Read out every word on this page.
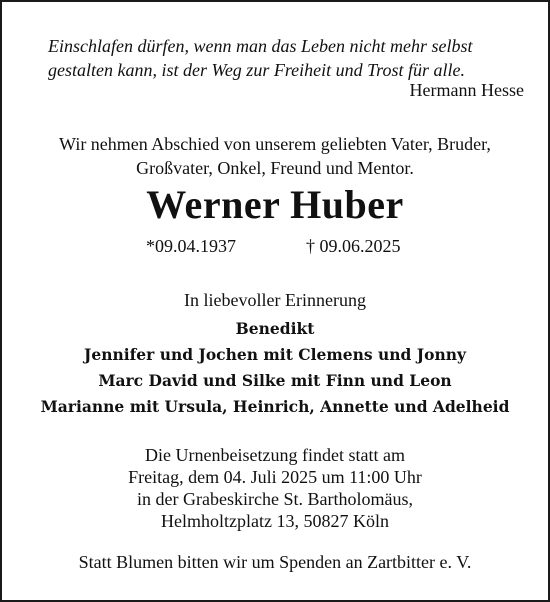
Einschlafen dürfen, wenn man das Leben nicht mehr selbst
gestalten kann, ist der Weg zur Freiheit und Trost für alle.
Hermann Hesse
Wir nehmen Abschied von unserem geliebten Vater, Bruder,
Großvater, Onkel, Freund und Mentor.
Werner Huber
*09.04.1937	† 09.06.2025
In liebevoller Erinnerung
Benedikt
Jennifer und Jochen mit Clemens und Jonny
Marc David und Silke mit Finn und Leon
Marianne mit Ursula, Heinrich, Annette und Adelheid
Die Urnenbeisetzung findet statt am
Freitag, dem 04. Juli 2025 um 11:00 Uhr
in der Grabeskirche St. Bartholomäus,
Helmholtzplatz 13, 50827 Köln
Statt Blumen bitten wir um Spenden an Zartbitter e. V.
